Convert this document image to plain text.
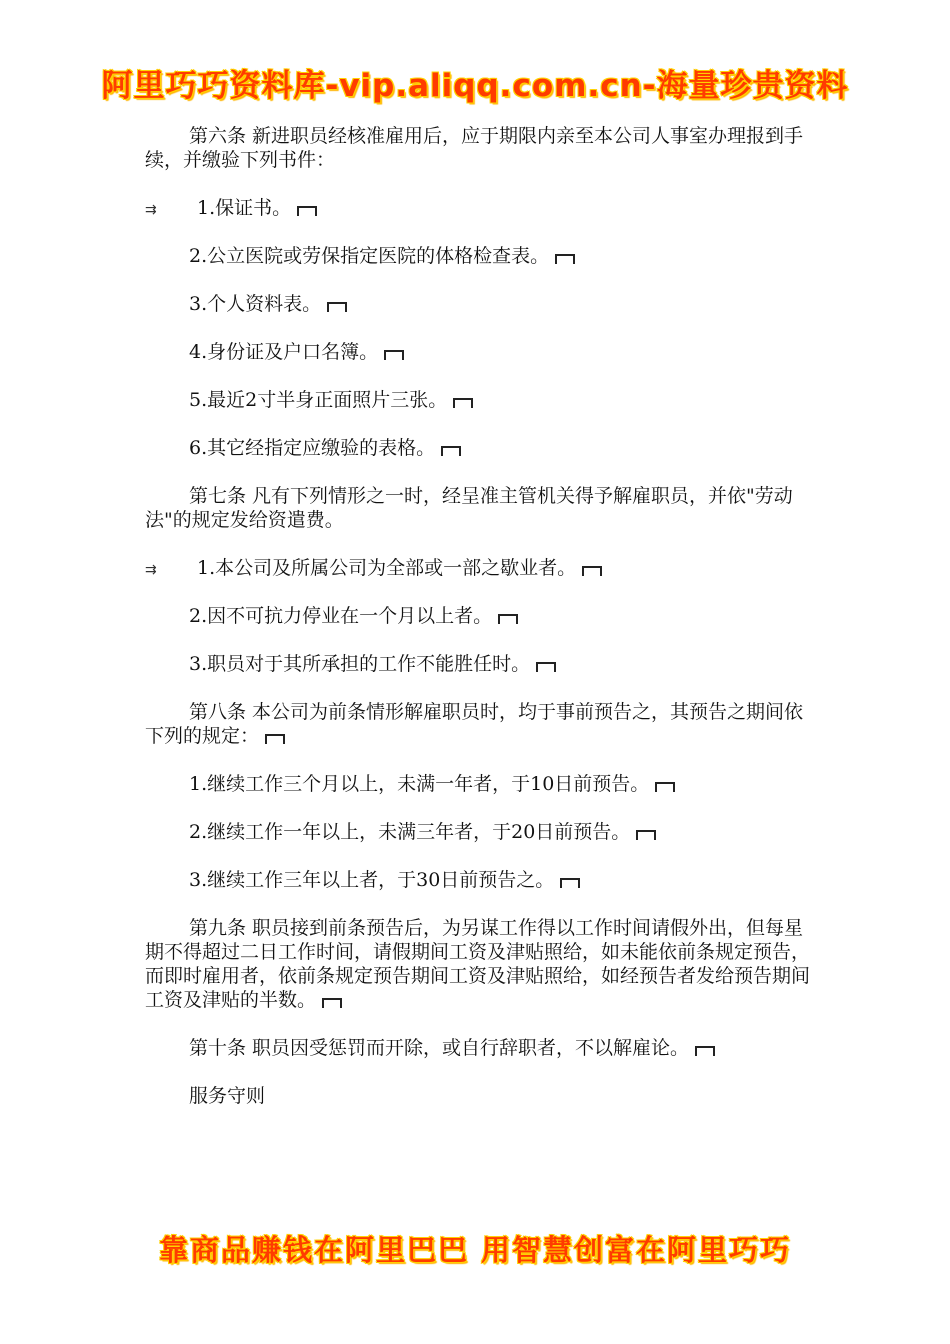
阿里巧巧资料库-vip.aliqq.com.cn-海量珍贵资料

第六条 新进职员经核准雇用后，应于期限内亲至本公司人事室办理报到手续，并缴验下列书件：

⇉ 1.保证书。

2.公立医院或劳保指定医院的体格检查表。

3.个人资料表。

4.身份证及户口名簿。

5.最近2寸半身正面照片三张。

6.其它经指定应缴验的表格。

第七条 凡有下列情形之一时，经呈准主管机关得予解雇职员，并依"劳动法"的规定发给资遣费。

⇉ 1.本公司及所属公司为全部或一部之歇业者。

2.因不可抗力停业在一个月以上者。

3.职员对于其所承担的工作不能胜任时。

第八条 本公司为前条情形解雇职员时，均于事前预告之，其预告之期间依下列的规定：

1.继续工作三个月以上，未满一年者，于10日前预告。

2.继续工作一年以上，未满三年者，于20日前预告。

3.继续工作三年以上者，于30日前预告之。

第九条 职员接到前条预告后，为另谋工作得以工作时间请假外出，但每星期不得超过二日工作时间，请假期间工资及津贴照给，如未能依前条规定预告，而即时雇用者，依前条规定预告期间工资及津贴照给，如经预告者发给预告期间工资及津贴的半数。

第十条 职员因受惩罚而开除，或自行辞职者，不以解雇论。

服务守则

靠商品赚钱在阿里巴巴 用智慧创富在阿里巧巧
